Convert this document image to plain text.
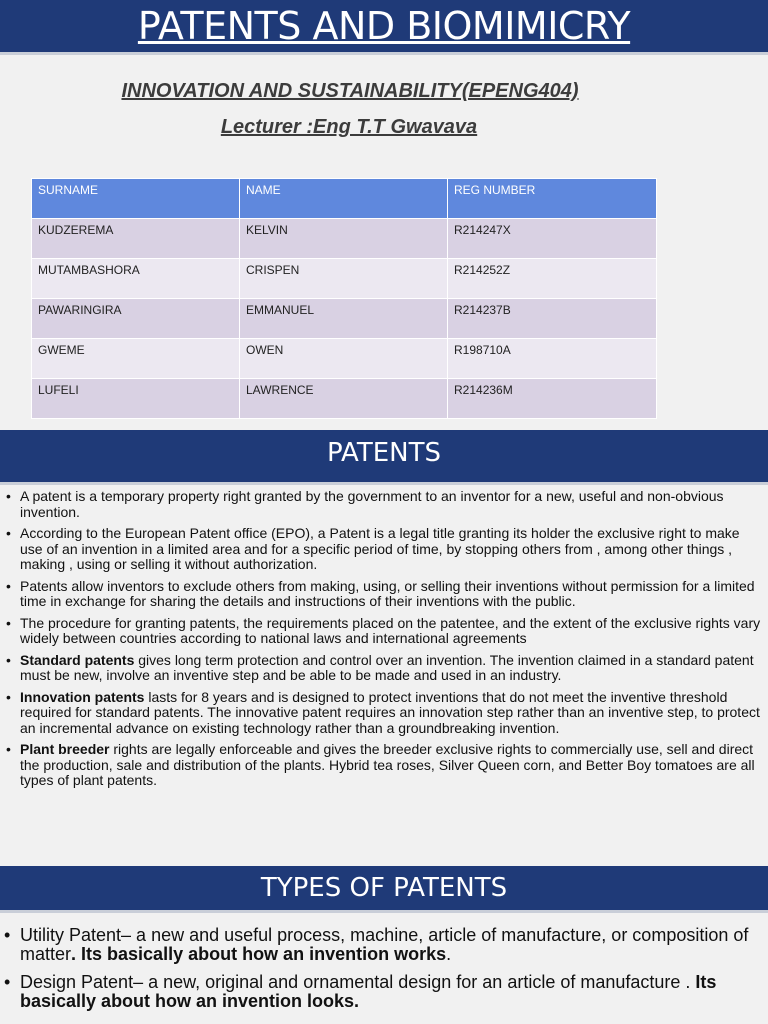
PATENTS AND BIOMIMICRY
INNOVATION AND SUSTAINABILITY(EPENG404)
Lecturer :Eng T.T Gwavava
SURNAME	NAME	REG NUMBER
KUDZEREMA	KELVIN	R214247X
MUTAMBASHORA	CRISPEN	R214252Z
PAWARINGIRA	EMMANUEL	R214237B
GWEME	OWEN	R198710A
LUFELI	LAWRENCE	R214236M
PATENTS
• A patent is a temporary property right granted by the government to an inventor for a new, useful and non-obvious invention.
• According to the European Patent office (EPO), a Patent is a legal title granting its holder the exclusive right to make use of an invention in a limited area and for a specific period of time, by stopping others from , among other things , making , using or selling it without authorization.
• Patents allow inventors to exclude others from making, using, or selling their inventions without permission for a limited time in exchange for sharing the details and instructions of their inventions with the public.
• The procedure for granting patents, the requirements placed on the patentee, and the extent of the exclusive rights vary widely between countries according to national laws and international agreements
• Standard patents gives long term protection and control over an invention. The invention claimed in a standard patent must be new, involve an inventive step and be able to be made and used in an industry.
• Innovation patents lasts for 8 years and is designed to protect inventions that do not meet the inventive threshold required for standard patents. The innovative patent requires an innovation step rather than an inventive step, to protect an incremental advance on existing technology rather than a groundbreaking invention.
• Plant breeder rights are legally enforceable and gives the breeder exclusive rights to commercially use, sell and direct the production, sale and distribution of the plants. Hybrid tea roses, Silver Queen corn, and Better Boy tomatoes are all types of plant patents.
TYPES OF PATENTS
• Utility Patent– a new and useful process, machine, article of manufacture, or composition of matter. Its basically about how an invention works.
• Design Patent– a new, original and ornamental design for an article of manufacture . Its basically about how an invention looks.
